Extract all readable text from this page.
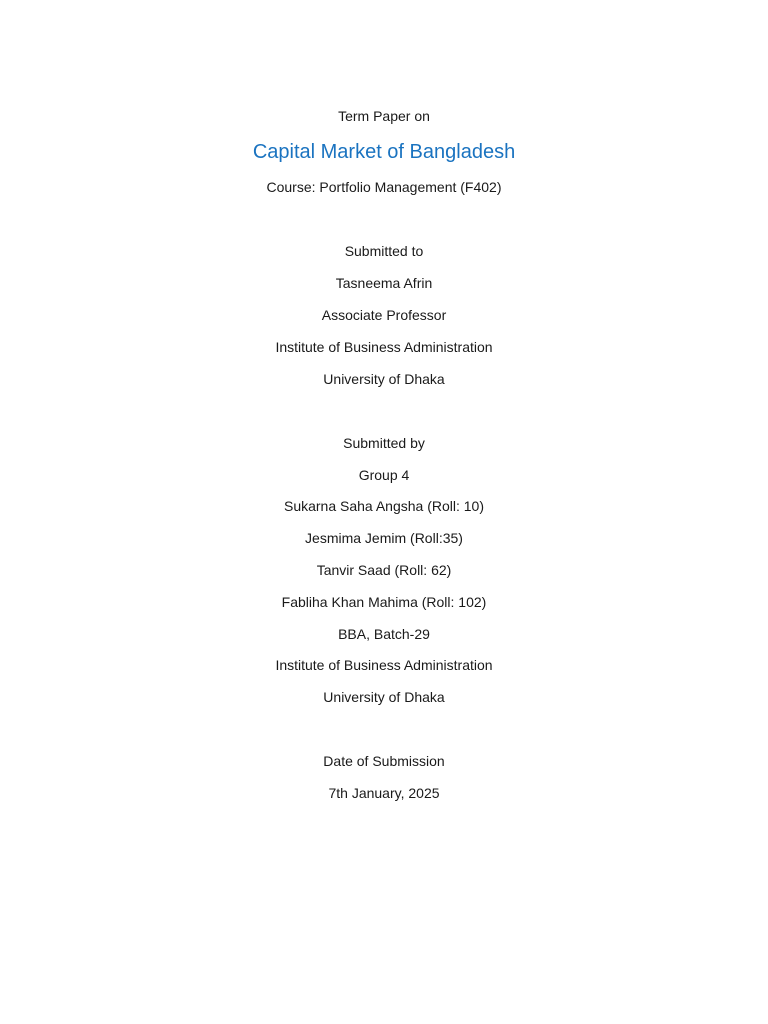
Term Paper on
Capital Market of Bangladesh
Course: Portfolio Management (F402)
Submitted to
Tasneema Afrin
Associate Professor
Institute of Business Administration
University of Dhaka
Submitted by
Group 4
Sukarna Saha Angsha (Roll: 10)
Jesmima Jemim (Roll:35)
Tanvir Saad (Roll: 62)
Fabliha Khan Mahima (Roll: 102)
BBA, Batch-29
Institute of Business Administration
University of Dhaka
Date of Submission
7th January, 2025
